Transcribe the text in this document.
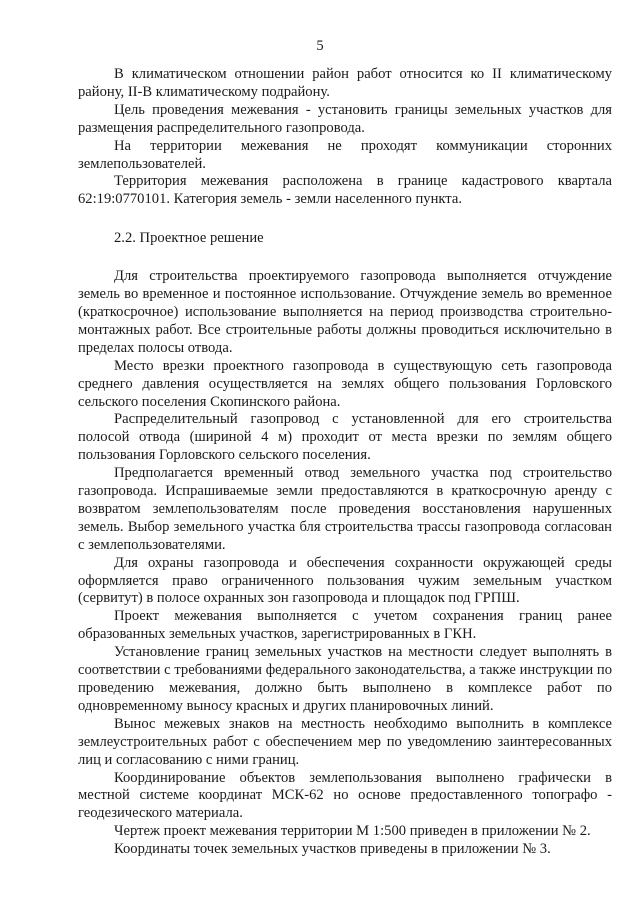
5

В климатическом отношении район работ относится ко II климатическому району, II-В климатическому подрайону.

Цель проведения межевания - установить границы земельных участков для размещения распределительного газопровода.

На территории межевания не проходят коммуникации сторонних землепользователей.

Территория межевания расположена в границе кадастрового квартала 62:19:0770101. Категория земель - земли населенного пункта.

2.2. Проектное решение

Для строительства проектируемого газопровода выполняется отчуждение земель во временное и постоянное использование. Отчуждение земель во временное (краткосрочное) использование выполняется на период производства строительно-монтажных работ. Все строительные работы должны проводиться исключительно в пределах полосы отвода.

Место врезки проектного газопровода в существующую сеть газопровода среднего давления осуществляется на землях общего пользования Горловского сельского поселения Скопинского района.

Распределительный газопровод с установленной для его строительства полосой отвода (шириной 4 м) проходит от места врезки по землям общего пользования Горловского сельского поселения.

Предполагается временный отвод земельного участка под строительство газопровода. Испрашиваемые земли предоставляются в краткосрочную аренду с возвратом землепользователям после проведения восстановления нарушенных земель. Выбор земельного участка бля строительства трассы газопровода согласован с землепользователями.

Для охраны газопровода и обеспечения сохранности окружающей среды оформляется право ограниченного пользования чужим земельным участком (сервитут) в полосе охранных зон газопровода и площадок под ГРПШ.

Проект межевания выполняется с учетом сохранения границ ранее образованных земельных участков, зарегистрированных в ГКН.

Установление границ земельных участков на местности следует выполнять в соответствии с требованиями федерального законодательства, а также инструкции по проведению межевания, должно быть выполнено в комплексе работ по одновременному выносу красных и других планировочных линий.

Вынос межевых знаков на местность необходимо выполнить в комплексе землеустроительных работ с обеспечением мер по уведомлению заинтересованных лиц и согласованию с ними границ.

Координирование объектов землепользования выполнено графически в местной системе координат МСК-62 но основе предоставленного топографо - геодезического материала.

Чертеж проект межевания территории М 1:500 приведен в приложении № 2.

Координаты точек земельных участков приведены в приложении № 3.
